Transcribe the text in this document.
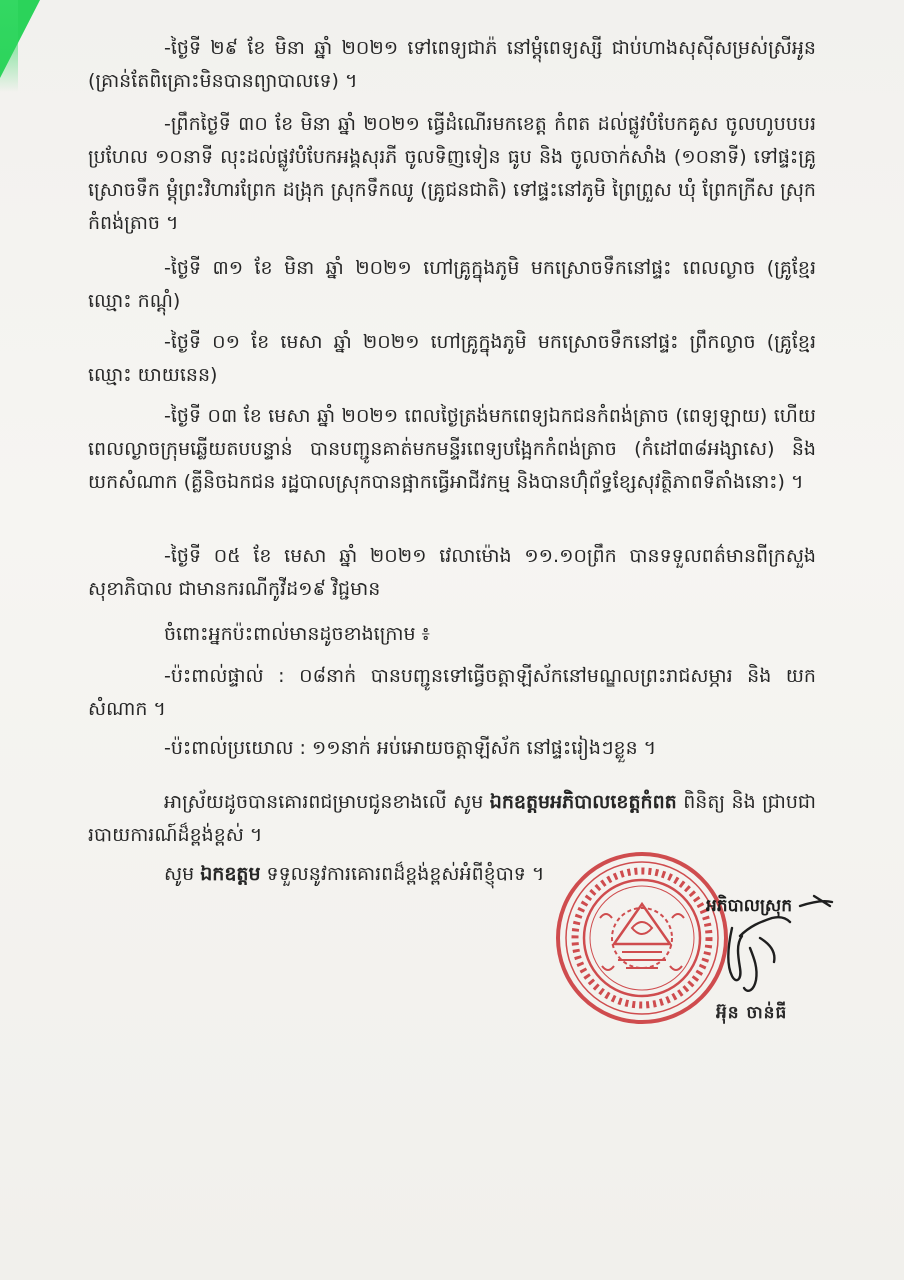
-ថ្ងៃទី ២៩ ខែ មិនា ឆ្នាំ ២០២១ ទៅពេទ្យជាភ៉ នៅម្តុំពេទ្យស្សី ជាប់ហាងសុស៊ីសម្រស់ស្រីអូន (គ្រាន់តែពិគ្រោះមិនបានព្យាបាលទេ) ។

-ព្រឹកថ្ងៃទី ៣០ ខែ មិនា ឆ្នាំ ២០២១ ធ្វើដំណើរមកខេត្ត កំពត ដល់ផ្លូវបំបែកគូស ចូលហូបបបរ ប្រហែល ១០នាទី លុះដល់ផ្លូវបំបែកអង្គសុរភី ចូលទិញទៀន ធូប និង ចូលចាក់សាំង (១០នាទី) ទៅផ្ទះគ្រូស្រោចទឹក ម្តុំព្រះវិហារព្រែក ដង្រុក ស្រុកទឹកឈូ (គ្រូជនជាតិ) ទៅផ្ទះនៅភូមិ ព្រៃព្រួស ឃុំ ព្រែកក្រីស ស្រុកកំពង់ត្រាច ។

-ថ្ងៃទី ៣១ ខែ មិនា ឆ្នាំ ២០២១ ហៅគ្រូក្នុងភូមិ មកស្រោចទឹកនៅផ្ទះ ពេលល្ងាច (គ្រូខ្មែរ ឈ្មោះ កណ្តុំ)

-ថ្ងៃទី ០១ ខែ មេសា ឆ្នាំ ២០២១ ហៅគ្រូក្នុងភូមិ មកស្រោចទឹកនៅផ្ទះ ព្រឹកល្ងាច (គ្រូខ្មែរ ឈ្មោះ យាយនេន)

-ថ្ងៃទី ០៣ ខែ មេសា ឆ្នាំ ២០២១ ពេលថ្ងៃត្រង់មកពេទ្យឯកជនកំពង់ត្រាច (ពេទ្យឡាយ) ហើយពេលល្ងាចក្រុមឆ្លើយតបបន្ទាន់ បានបញ្ជូនគាត់មកមន្ទីរពេទ្យបង្អែកកំពង់ត្រាច (កំដៅ៣៨អង្សាសេ) និង យកសំណាក (គ្លីនិចឯកជន រដ្ឋបាលស្រុកបានផ្អាកធ្វើអាជីវកម្ម និងបានហ៊ុំព័ទ្ធខ្សែសុវត្ថិភាពទីតាំងនោះ) ។

-ថ្ងៃទី ០៥ ខែ មេសា ឆ្នាំ ២០២១ វេលាម៉ោង ១១.១០ព្រឹក បានទទួលពត៌មានពីក្រសួង សុខាភិបាល ជាមានករណីកូវីដ១៩ វិជ្ជមាន

ចំពោះអ្នកប៉ះពាល់មានដូចខាងក្រោម ៖

-ប៉ះពាល់ផ្ទាល់ : ០៨នាក់ បានបញ្ជូនទៅធ្វើចត្តាឡីស័កនៅមណ្ឌលព្រះរាជសម្ភារ និង យកសំណាក ។

-ប៉ះពាល់ប្រយោល : ១១នាក់ អប់អោយចត្តាឡីស័ក នៅផ្ទះរៀងៗខ្លួន ។

អាស្រ័យដូចបានគោរពជម្រាបជូនខាងលើ សូម ឯកឧត្តមអភិបាលខេត្តកំពត ពិនិត្យ និង ជ្រាបជារបាយការណ៍ដ៏ខ្ពង់ខ្ពស់ ។

សូម ឯកឧត្តម ទទួលនូវការគោរពដ៏ខ្ពង់ខ្ពស់អំពីខ្ញុំបាទ ។

អភិបាលស្រុក
អ៊ុន ចាន់ធី
